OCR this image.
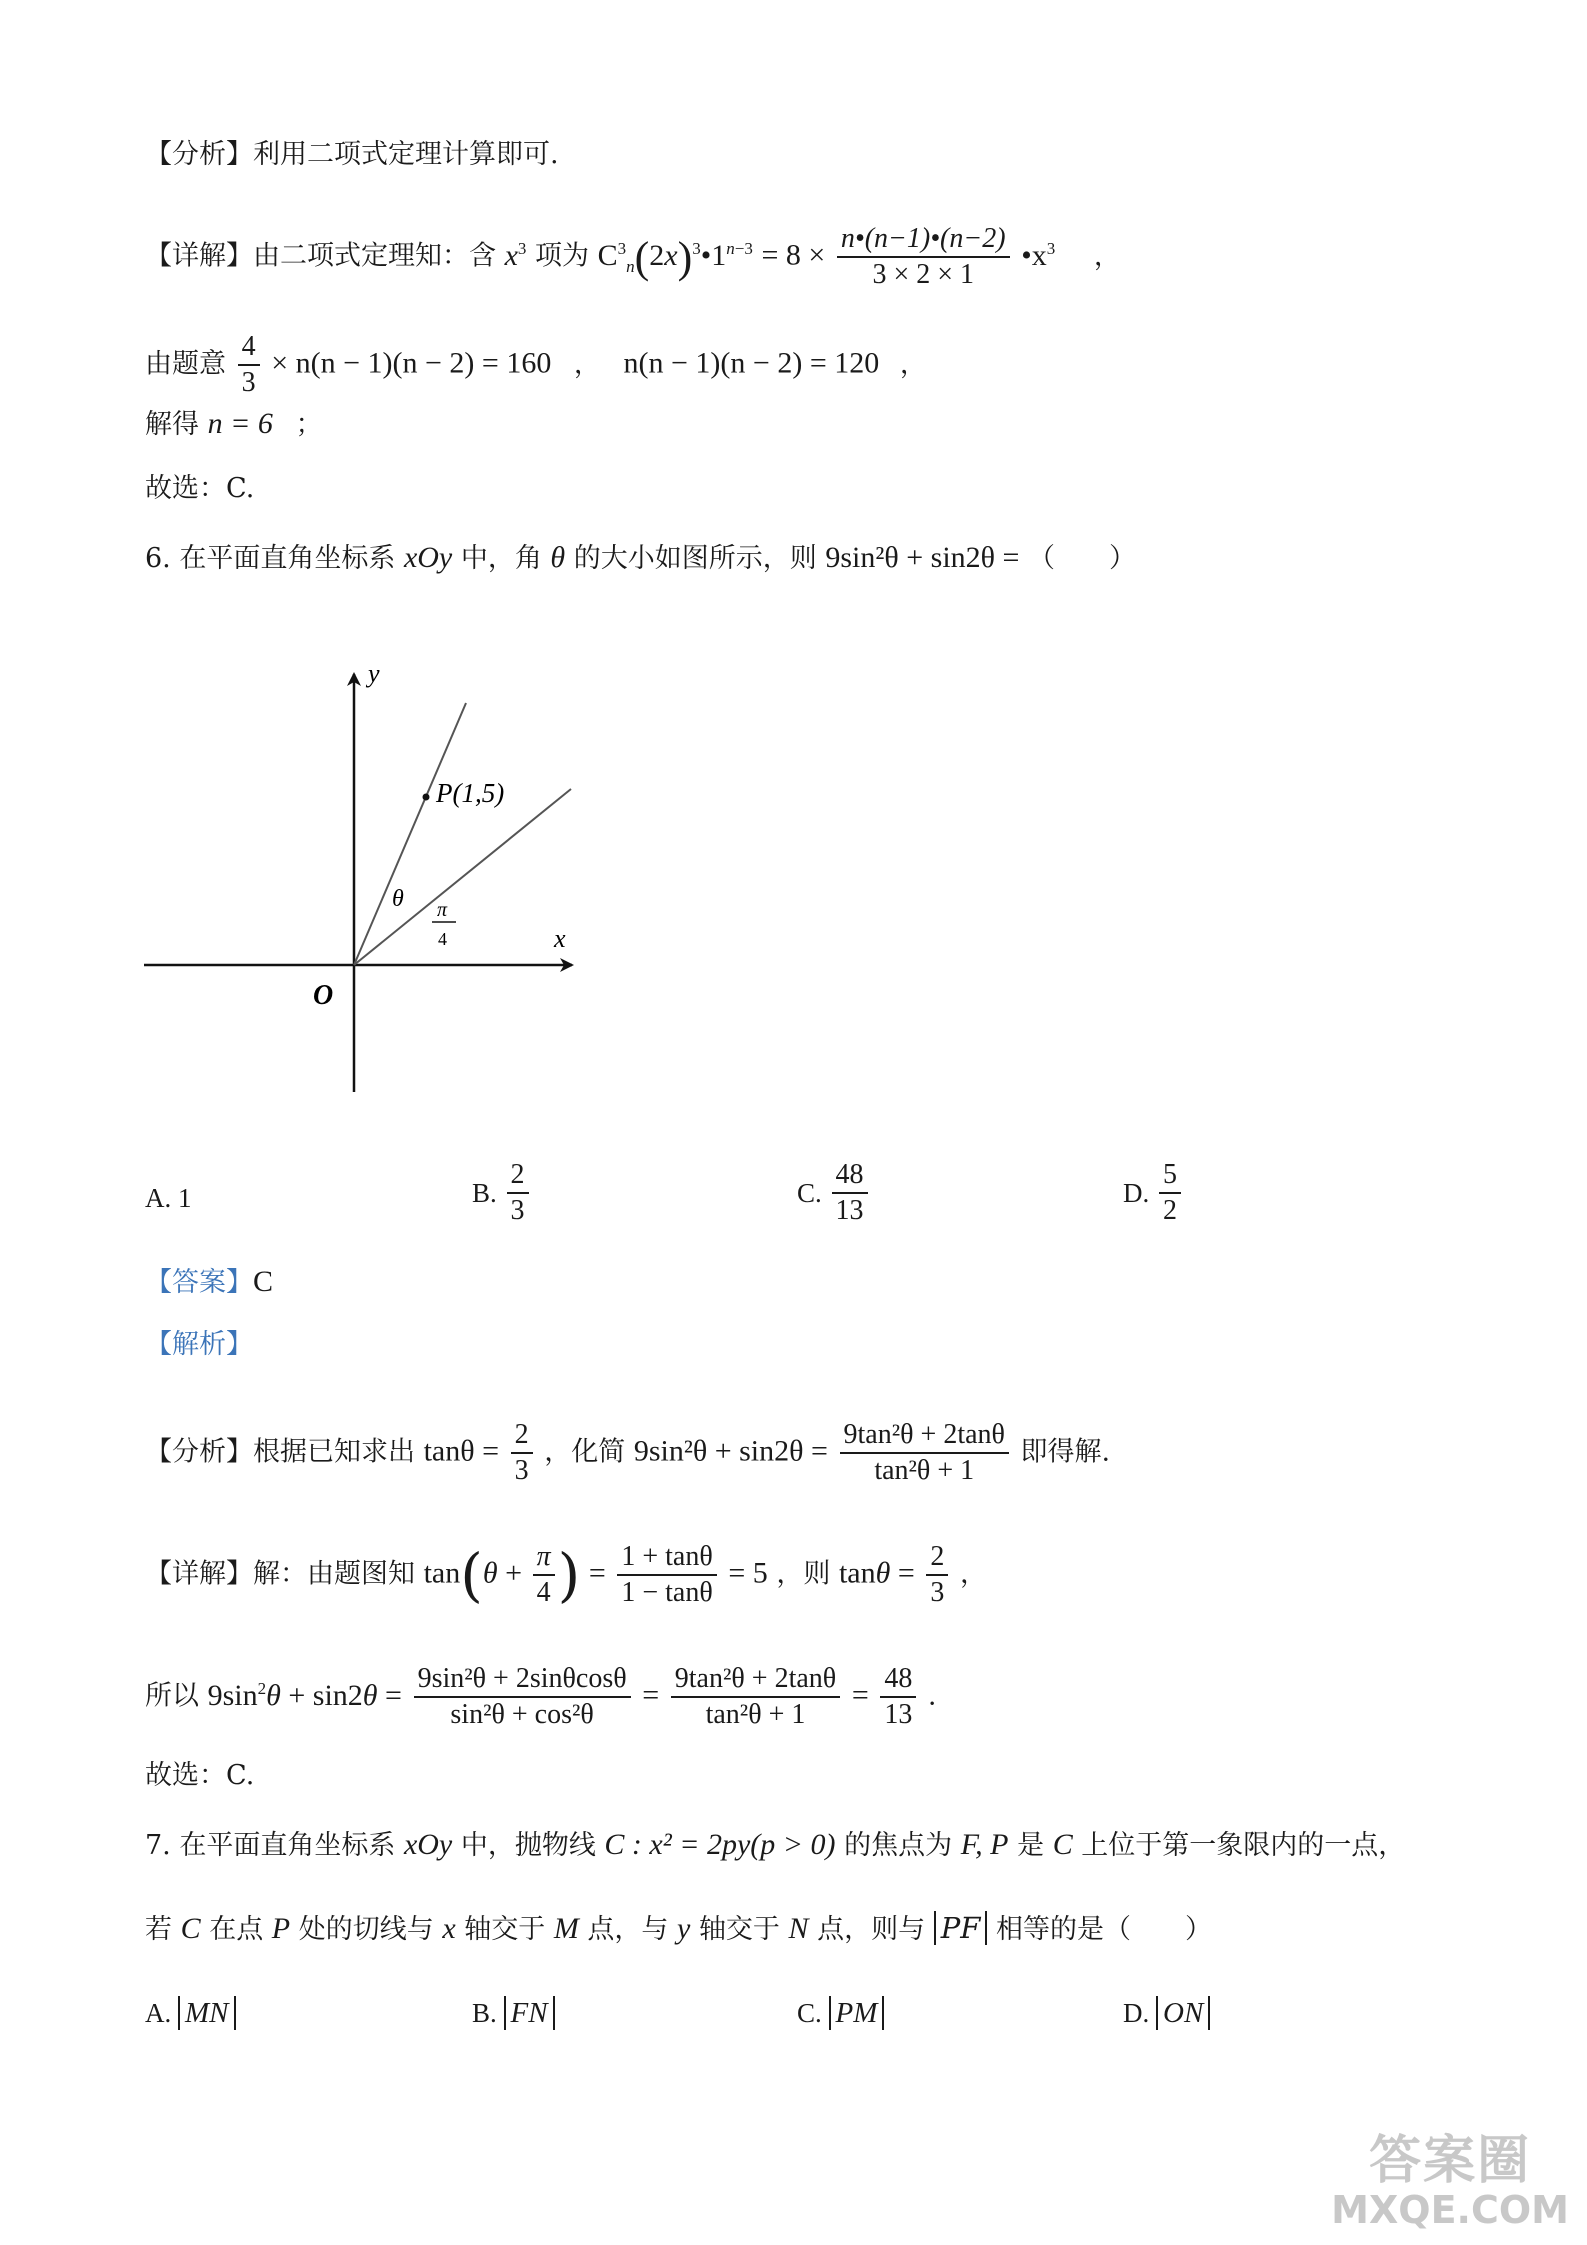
【分析】利用二项式定理计算即可.
【详解】由二项式定理知：含 $x^3$ 项为 $C^3_n(2x)^3•1^{n-3} = 8 \times \frac{n•(n-1)•(n-2)}{3 \times 2 \times 1}$ $•x^3$ ，
由题意 $\frac{4}{3} \times n(n - 1)(n - 2) = 160$ ， n(n − 1)(n − 2) = 120 ，
解得 n = 6 ；
故选：C.
6. 在平面直角坐标系 xOy 中，角 θ 的大小如图所示，则 9sin²θ + sin2θ = （　　）
P(1,5)
y
x
O
θ π
4
A. 1	B. $\frac{2}{3}$	C. $\frac{48}{13}$	D. $\frac{5}{2}$
【答案】C
【解析】
【分析】根据已知求出 $\tan\theta = \frac{2}{3}$ ，化简 $9\sin^2\theta + \sin 2\theta = \frac{\text{9tan²θ + 2tanθ}}{\text{tan²θ + 1}}$ 即得解.
【详解】解：由题图知 $\tan(\theta + \frac{\pi}{4}$ ) = $\frac{1 + \tan\theta}{1 - \tan\theta} = 5$ ，则 $\tan\theta = \frac{2}{3}$ ，
所以 $9\sin^2\theta + \sin 2\theta = \frac{\text{9sin²θ + 2sinθcosθ}}{\text{sin²θ + cos²θ}} = \frac{\text{9tan²θ + 2tanθ}}{\text{tan²θ + 1}} = \frac{48}{13}$ .
故选：C.
7. 在平面直角坐标系 xOy 中，抛物线 C : x² = 2py(p > 0) 的焦点为 F, P 是 C 上位于第一象限内的一点，
若 C 在点 P 处的切线与 x 轴交于 M 点，与 y 轴交于 N 点，则与 PF 相等的是（　　）
A. MN	B. FN	C. PM	D. ON
答案圈
MXQE.COM
